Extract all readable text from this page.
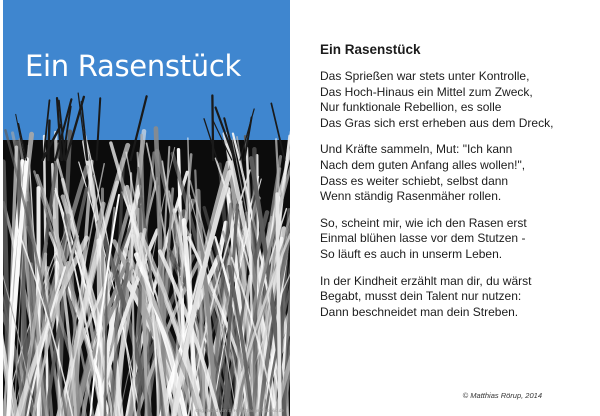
Ein Rasenstück
Originalbild von S. Hofschlaeger / pixelio.de
Ein Rasenstück
Das Sprießen war stets unter Kontrolle,
Das Hoch-Hinaus ein Mittel zum Zweck,
Nur funktionale Rebellion, es solle
Das Gras sich erst erheben aus dem Dreck,
Und Kräfte sammeln, Mut: "Ich kann
Nach dem guten Anfang alles wollen!",
Dass es weiter schiebt, selbst dann
Wenn ständig Rasenmäher rollen.
So, scheint mir, wie ich den Rasen erst
Einmal blühen lasse vor dem Stutzen -
So läuft es auch in unserm Leben.
In der Kindheit erzählt man dir, du wärst
Begabt, musst dein Talent nur nutzen:
Dann beschneidet man dein Streben.
© Matthias Rörup, 2014
